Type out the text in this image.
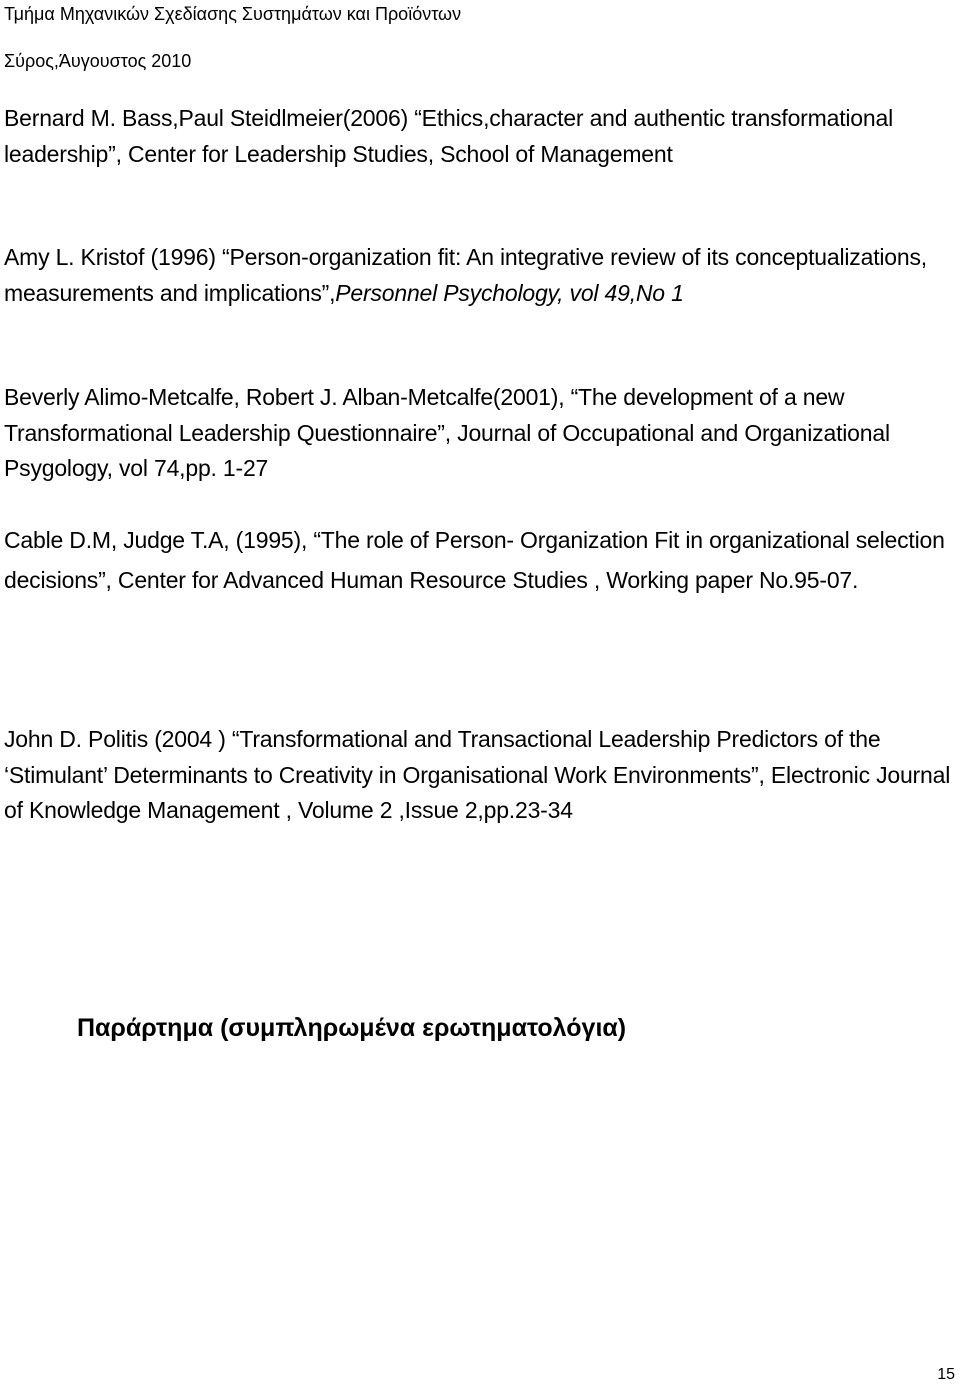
Τμήμα Μηχανικών Σχεδίασης Συστημάτων και Προϊόντων
Σύρος,Άυγουστος 2010
Bernard M. Bass,Paul Steidlmeier(2006) “Ethics,character and authentic transformational leadership”, Center for Leadership Studies, School of Management
Amy L. Kristof (1996) “Person-organization fit: An integrative review of its conceptualizations, measurements and implications”,Personnel Psychology, vol 49,No 1
Beverly Alimo-Metcalfe, Robert J. Alban-Metcalfe(2001), “The development of a new Transformational Leadership Questionnaire”, Journal of Occupational and Organizational Psygology, vol 74,pp. 1-27
Cable D.M, Judge T.A, (1995), “The role of Person- Organization Fit in organizational selection decisions”, Center for Advanced Human Resource Studies , Working paper No.95-07.
John D. Politis (2004 ) “Transformational and Transactional Leadership Predictors of the ‘Stimulant’ Determinants to Creativity in Organisational Work Environments”, Electronic Journal of Knowledge Management , Volume 2 ,Issue 2,pp.23-34
Παράρτημα (συμπληρωμένα ερωτηματολόγια)
15
